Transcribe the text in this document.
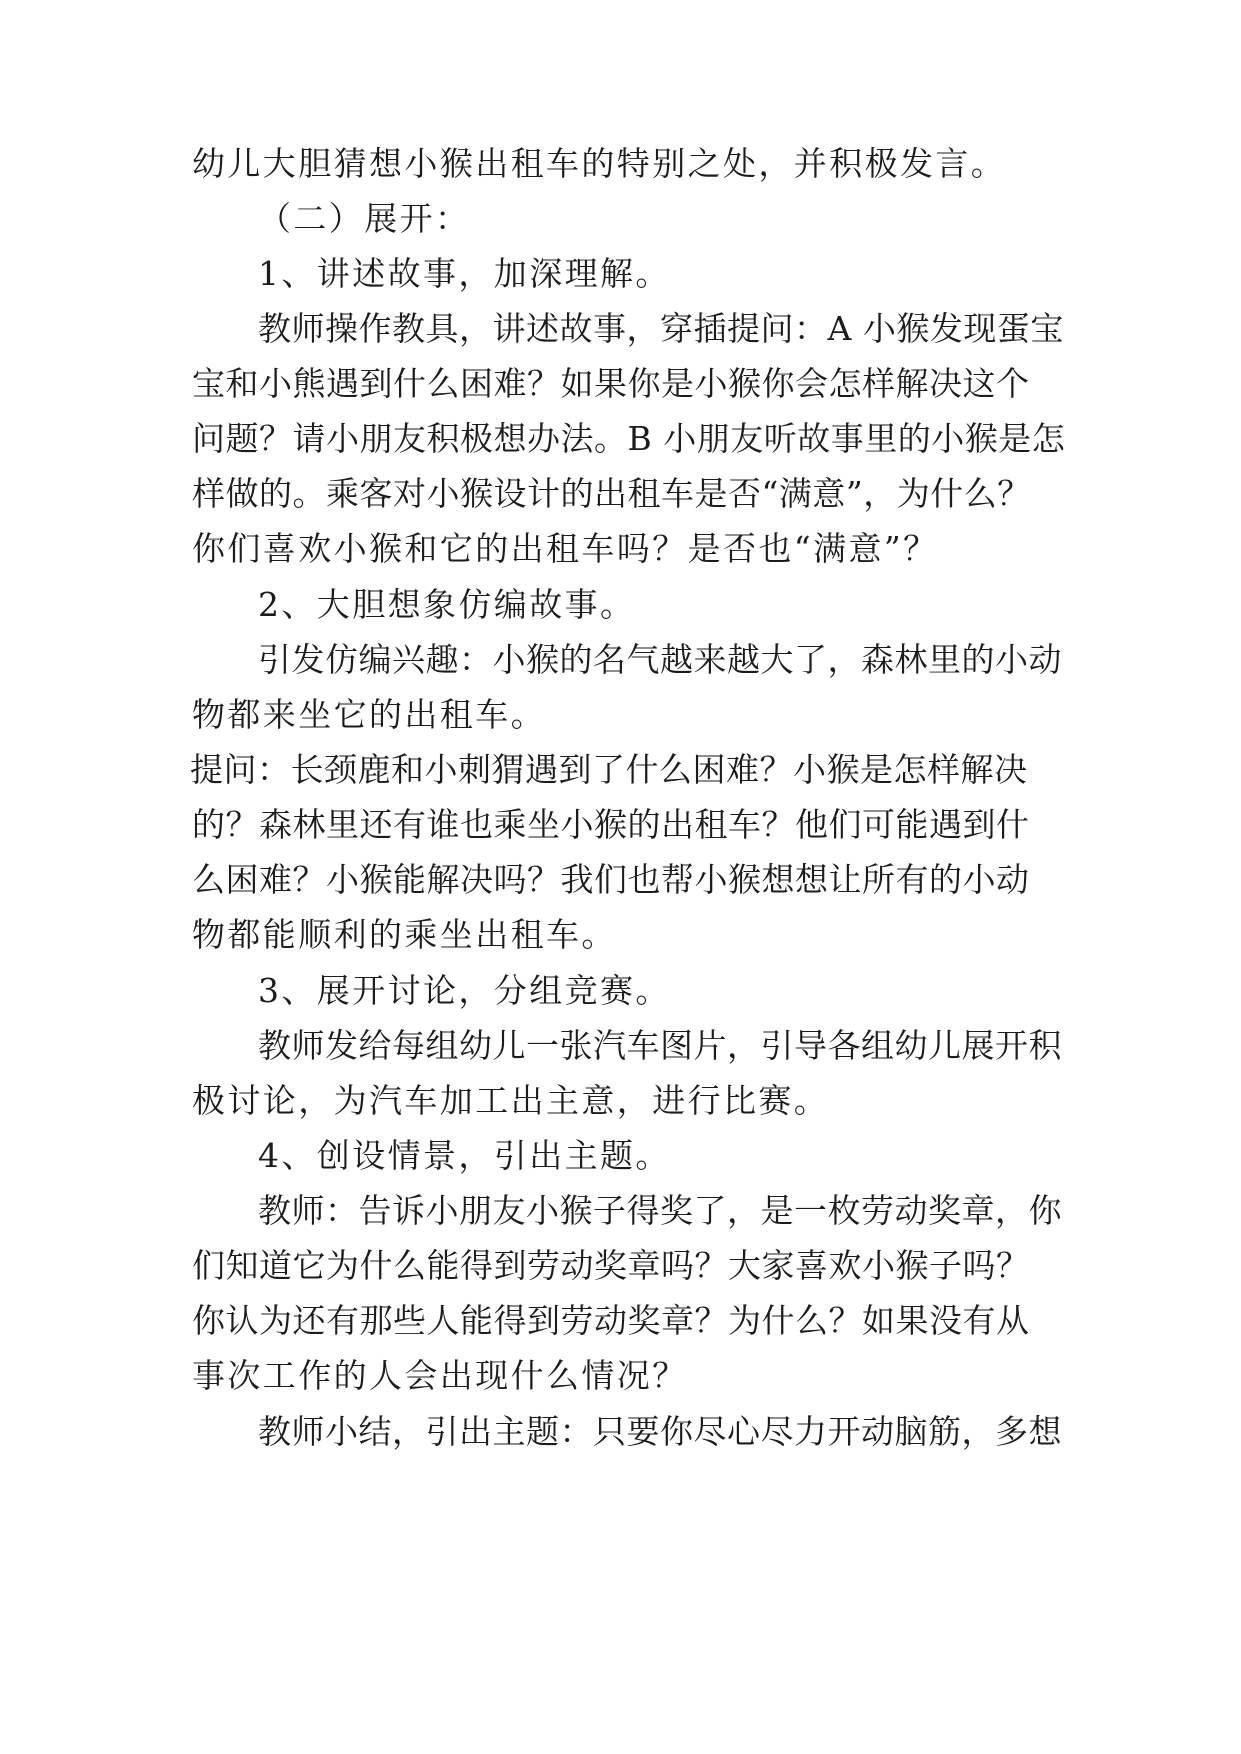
幼儿大胆猜想小猴出租车的特别之处，并积极发言。
（二）展开：
1、讲述故事，加深理解。
教师操作教具，讲述故事，穿插提问：A 小猴发现蛋宝
宝和小熊遇到什么困难？如果你是小猴你会怎样解决这个
问题？请小朋友积极想办法。B 小朋友听故事里的小猴是怎
样做的。乘客对小猴设计的出租车是否“满意”，为什么？
你们喜欢小猴和它的出租车吗？是否也“满意”？
2、大胆想象仿编故事。
引发仿编兴趣：小猴的名气越来越大了，森林里的小动
物都来坐它的出租车。
提问：长颈鹿和小刺猬遇到了什么困难？小猴是怎样解决
的？森林里还有谁也乘坐小猴的出租车？他们可能遇到什
么困难？小猴能解决吗？我们也帮小猴想想让所有的小动
物都能顺利的乘坐出租车。
3、展开讨论，分组竞赛。
教师发给每组幼儿一张汽车图片，引导各组幼儿展开积
极讨论，为汽车加工出主意，进行比赛。
4、创设情景，引出主题。
教师：告诉小朋友小猴子得奖了，是一枚劳动奖章，你
们知道它为什么能得到劳动奖章吗？大家喜欢小猴子吗？
你认为还有那些人能得到劳动奖章？为什么？如果没有从
事次工作的人会出现什么情况？
教师小结，引出主题：只要你尽心尽力开动脑筋，多想
